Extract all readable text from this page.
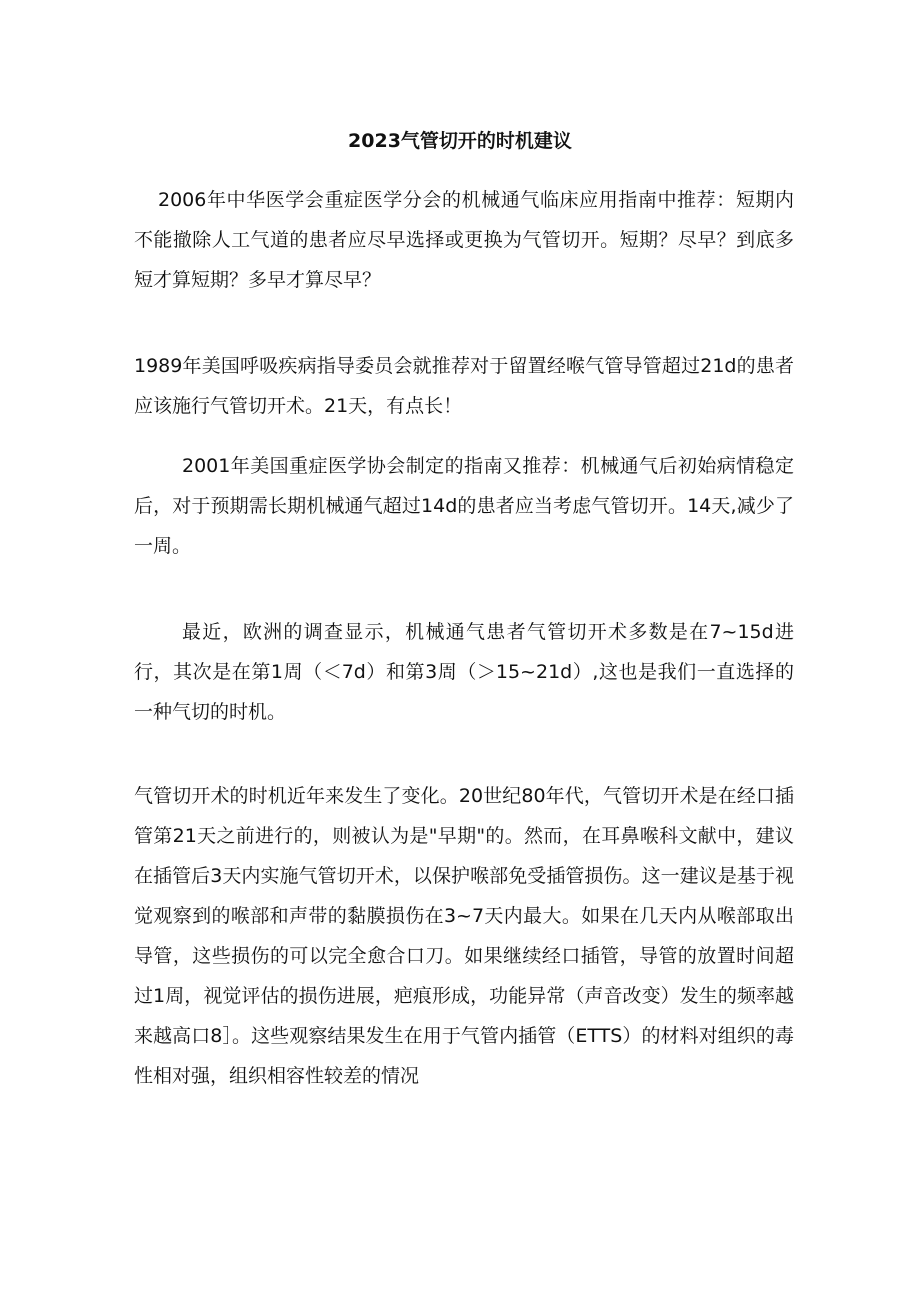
2023气管切开的时机建议

2006年中华医学会重症医学分会的机械通气临床应用指南中推荐：短期内不能撤除人工气道的患者应尽早选择或更换为气管切开。短期？尽早？到底多短才算短期？多早才算尽早？

1989年美国呼吸疾病指导委员会就推荐对于留置经喉气管导管超过21d的患者应该施行气管切开术。21天，有点长！

2001年美国重症医学协会制定的指南又推荐：机械通气后初始病情稳定后，对于预期需长期机械通气超过14d的患者应当考虑气管切开。14天,减少了一周。

最近，欧洲的调查显示，机械通气患者气管切开术多数是在7~15d进行，其次是在第1周（＜7d）和第3周（＞15~21d）,这也是我们一直选择的一种气切的时机。

气管切开术的时机近年来发生了变化。20世纪80年代，气管切开术是在经口插管第21天之前进行的，则被认为是"早期"的。然而，在耳鼻喉科文献中，建议在插管后3天内实施气管切开术，以保护喉部免受插管损伤。这一建议是基于视觉观察到的喉部和声带的黏膜损伤在3~7天内最大。如果在几天内从喉部取出导管，这些损伤的可以完全愈合口刀。如果继续经口插管，导管的放置时间超过1周，视觉评估的损伤进展，疤痕形成，功能异常（声音改变）发生的频率越来越高口8］。这些观察结果发生在用于气管内插管（ETTS）的材料对组织的毒性相对强，组织相容性较差的情况
